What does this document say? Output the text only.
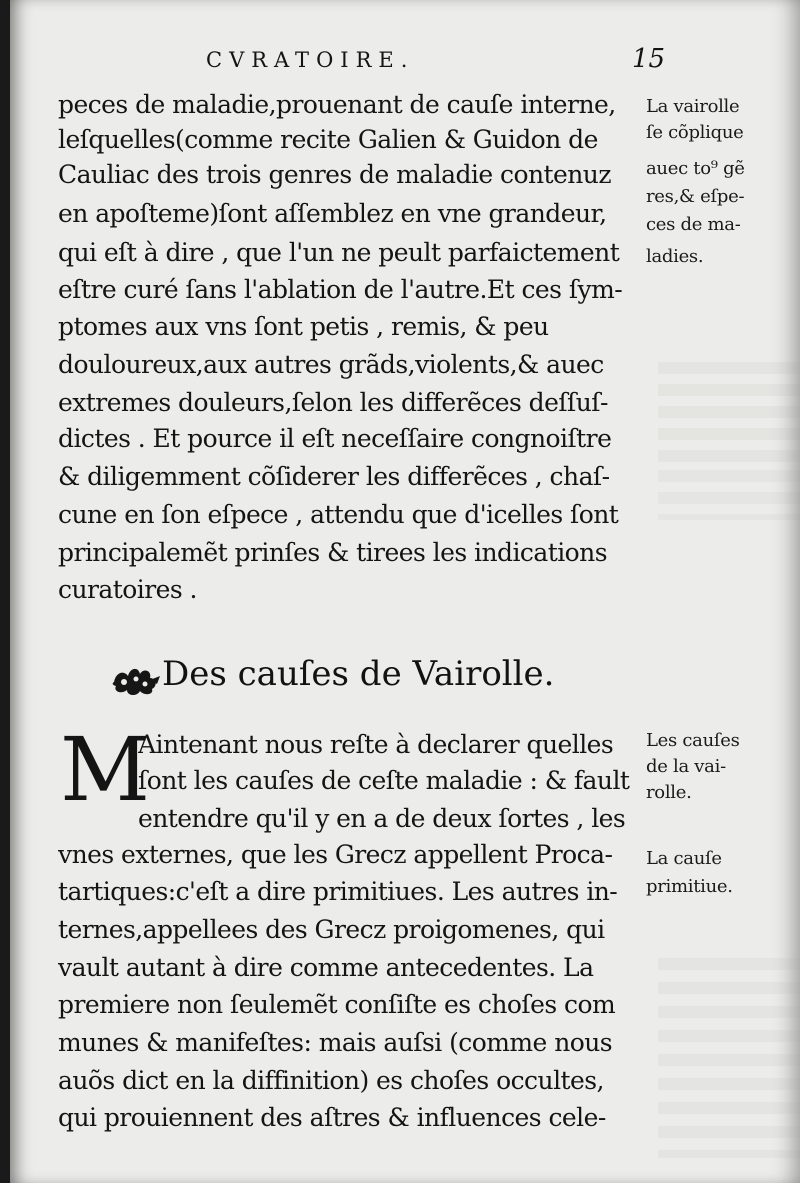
CVRATOIRE.	15
peces de maladie,prouenant de cauſe interne,
leſquelles(comme recite Galien & Guidon de
Cauliac des trois genres de maladie contenuz
en apoſteme)ſont aſſemblez en vne grandeur,
qui eſt à dire , que l'un ne peult parfaictement
eſtre curé ſans l'ablation de l'autre.Et ces ſym-
ptomes aux vns ſont petis , remis, & peu
douloureux,aux autres grãds,violents,& auec
extremes douleurs,ſelon les differẽces deſſuſ-
dictes . Et pource il eſt neceſſaire congnoiſtre
& diligemment cõſiderer les differẽces , chaſ-
cune en ſon eſpece , attendu que d'icelles ſont
principalemẽt prinſes & tirees les indications
curatoires .
Des cauſes de Vairolle.
M
Aintenant nous reſte à declarer quelles
ſont les cauſes de ceſte maladie : & fault
entendre qu'il y en a de deux ſortes , les
vnes externes, que les Grecz appellent Proca-
tartiques:c'eſt a dire primitiues. Les autres in-
ternes,appellees des Grecz proigomenes, qui
vault autant à dire comme antecedentes. La
premiere non ſeulemẽt conſiſte es choſes com
munes & manifeſtes: mais auſsi (comme nous
auõs dict en la diffinition) es choſes occultes,
qui prouiennent des aſtres & influences cele-
La vairolle
ſe cõplique
auec to⁹ gẽ
res,& eſpe-
ces de ma-
ladies.
Les cauſes
de la vai-
rolle.
La cauſe
primitiue.
